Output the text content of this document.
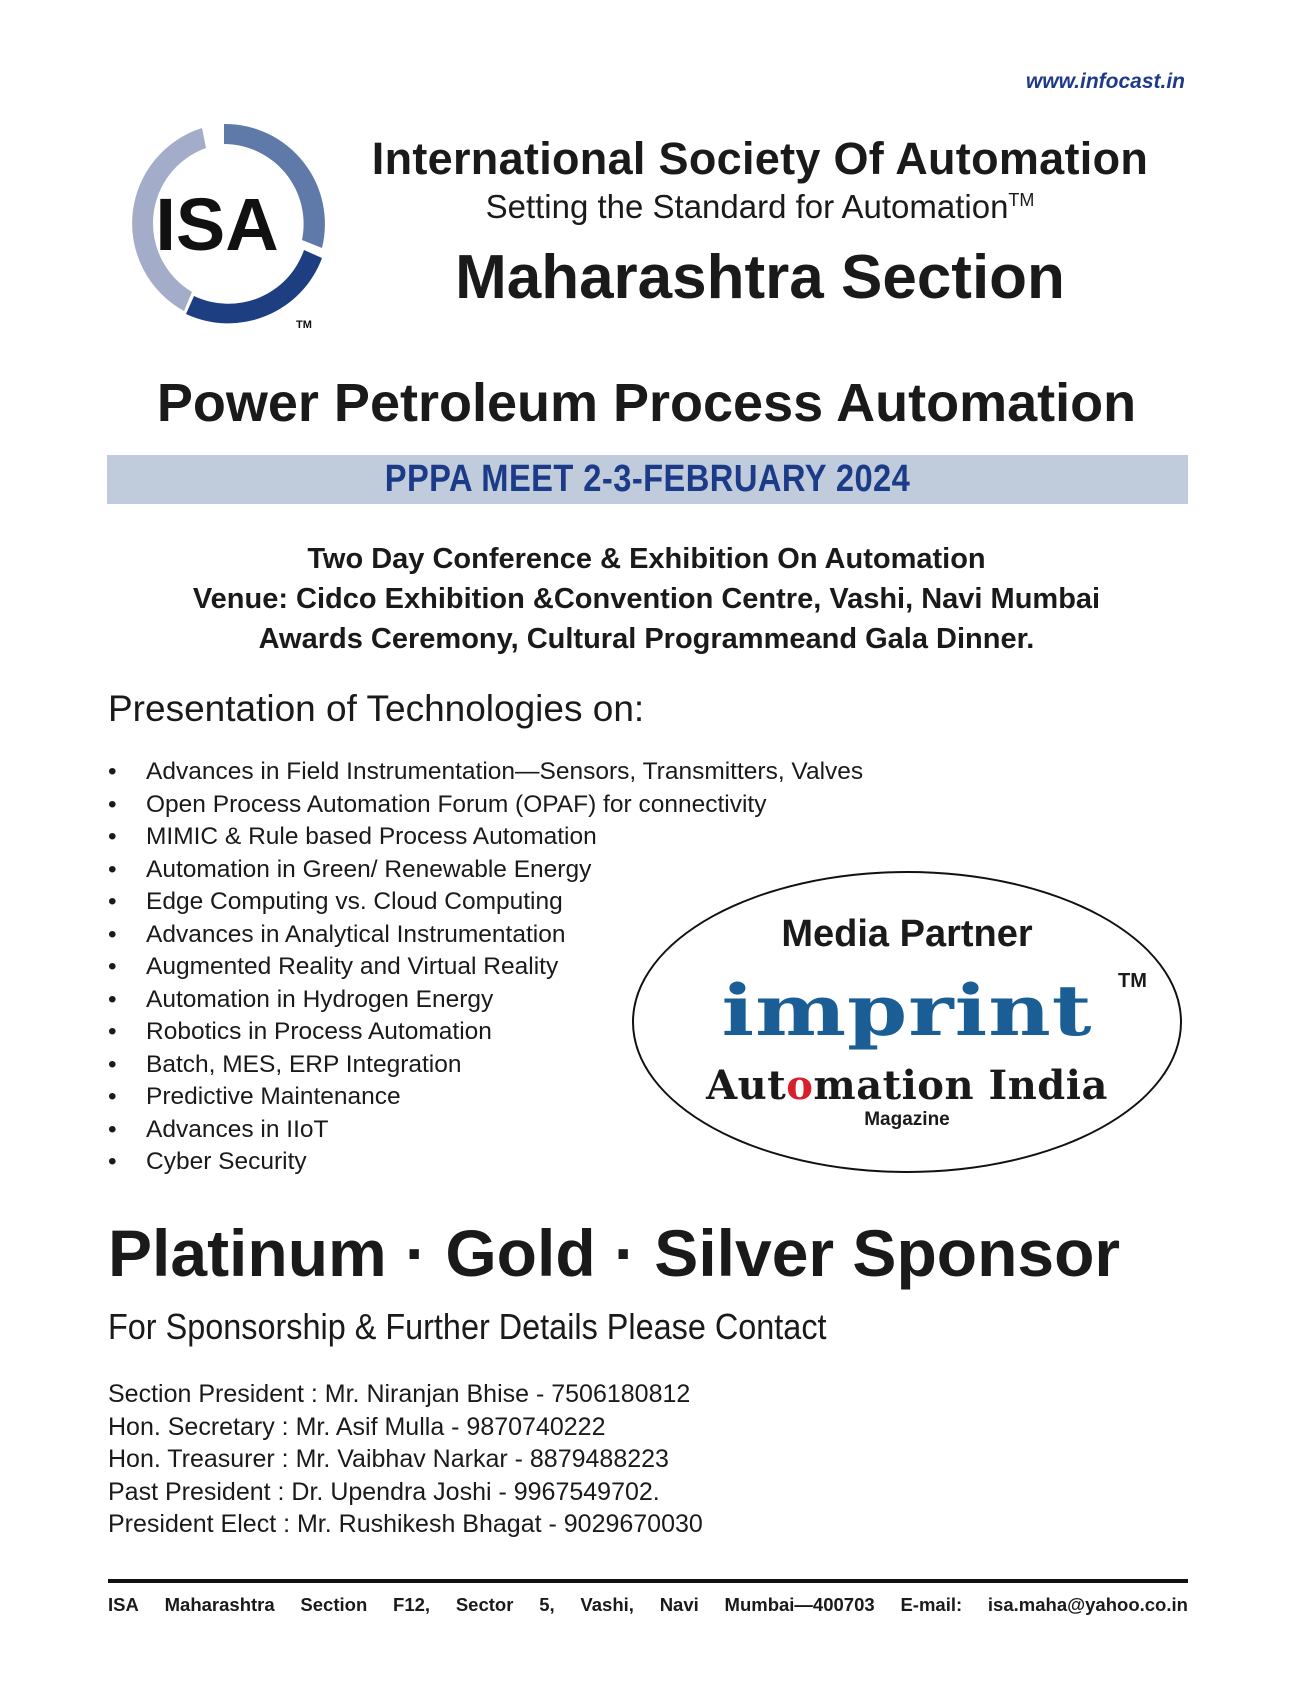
www.infocast.in
ISA
TM
International Society Of Automation
Setting the Standard for Automation™
Maharashtra Section
Power Petroleum Process Automation
PPPA MEET 2-3-FEBRUARY 2024
Two Day Conference & Exhibition On Automation
Venue: Cidco Exhibition &Convention Centre, Vashi, Navi Mumbai
Awards Ceremony, Cultural Programmeand Gala Dinner.
Presentation of Technologies on:
• Advances in Field Instrumentation—Sensors, Transmitters, Valves
• Open Process Automation Forum (OPAF) for connectivity
• MIMIC & Rule based Process Automation
• Automation in Green/ Renewable Energy
• Edge Computing vs. Cloud Computing
• Advances in Analytical Instrumentation
• Augmented Reality and Virtual Reality
• Automation in Hydrogen Energy
• Robotics in Process Automation
• Batch, MES, ERP Integration
• Predictive Maintenance
• Advances in IIoT
• Cyber Security
Media Partner
imprint	TM
Automation India
Magazine
Platinum · Gold · Silver Sponsor
For Sponsorship & Further Details Please Contact
Section President : Mr. Niranjan Bhise - 7506180812
Hon. Secretary : Mr. Asif Mulla - 9870740222
Hon. Treasurer : Mr. Vaibhav Narkar - 8879488223
Past President : Dr. Upendra Joshi - 9967549702.
President Elect : Mr. Rushikesh Bhagat - 9029670030
ISA Maharashtra Section F12, Sector 5, Vashi, Navi Mumbai—400703 E-mail: isa.maha@yahoo.co.in
